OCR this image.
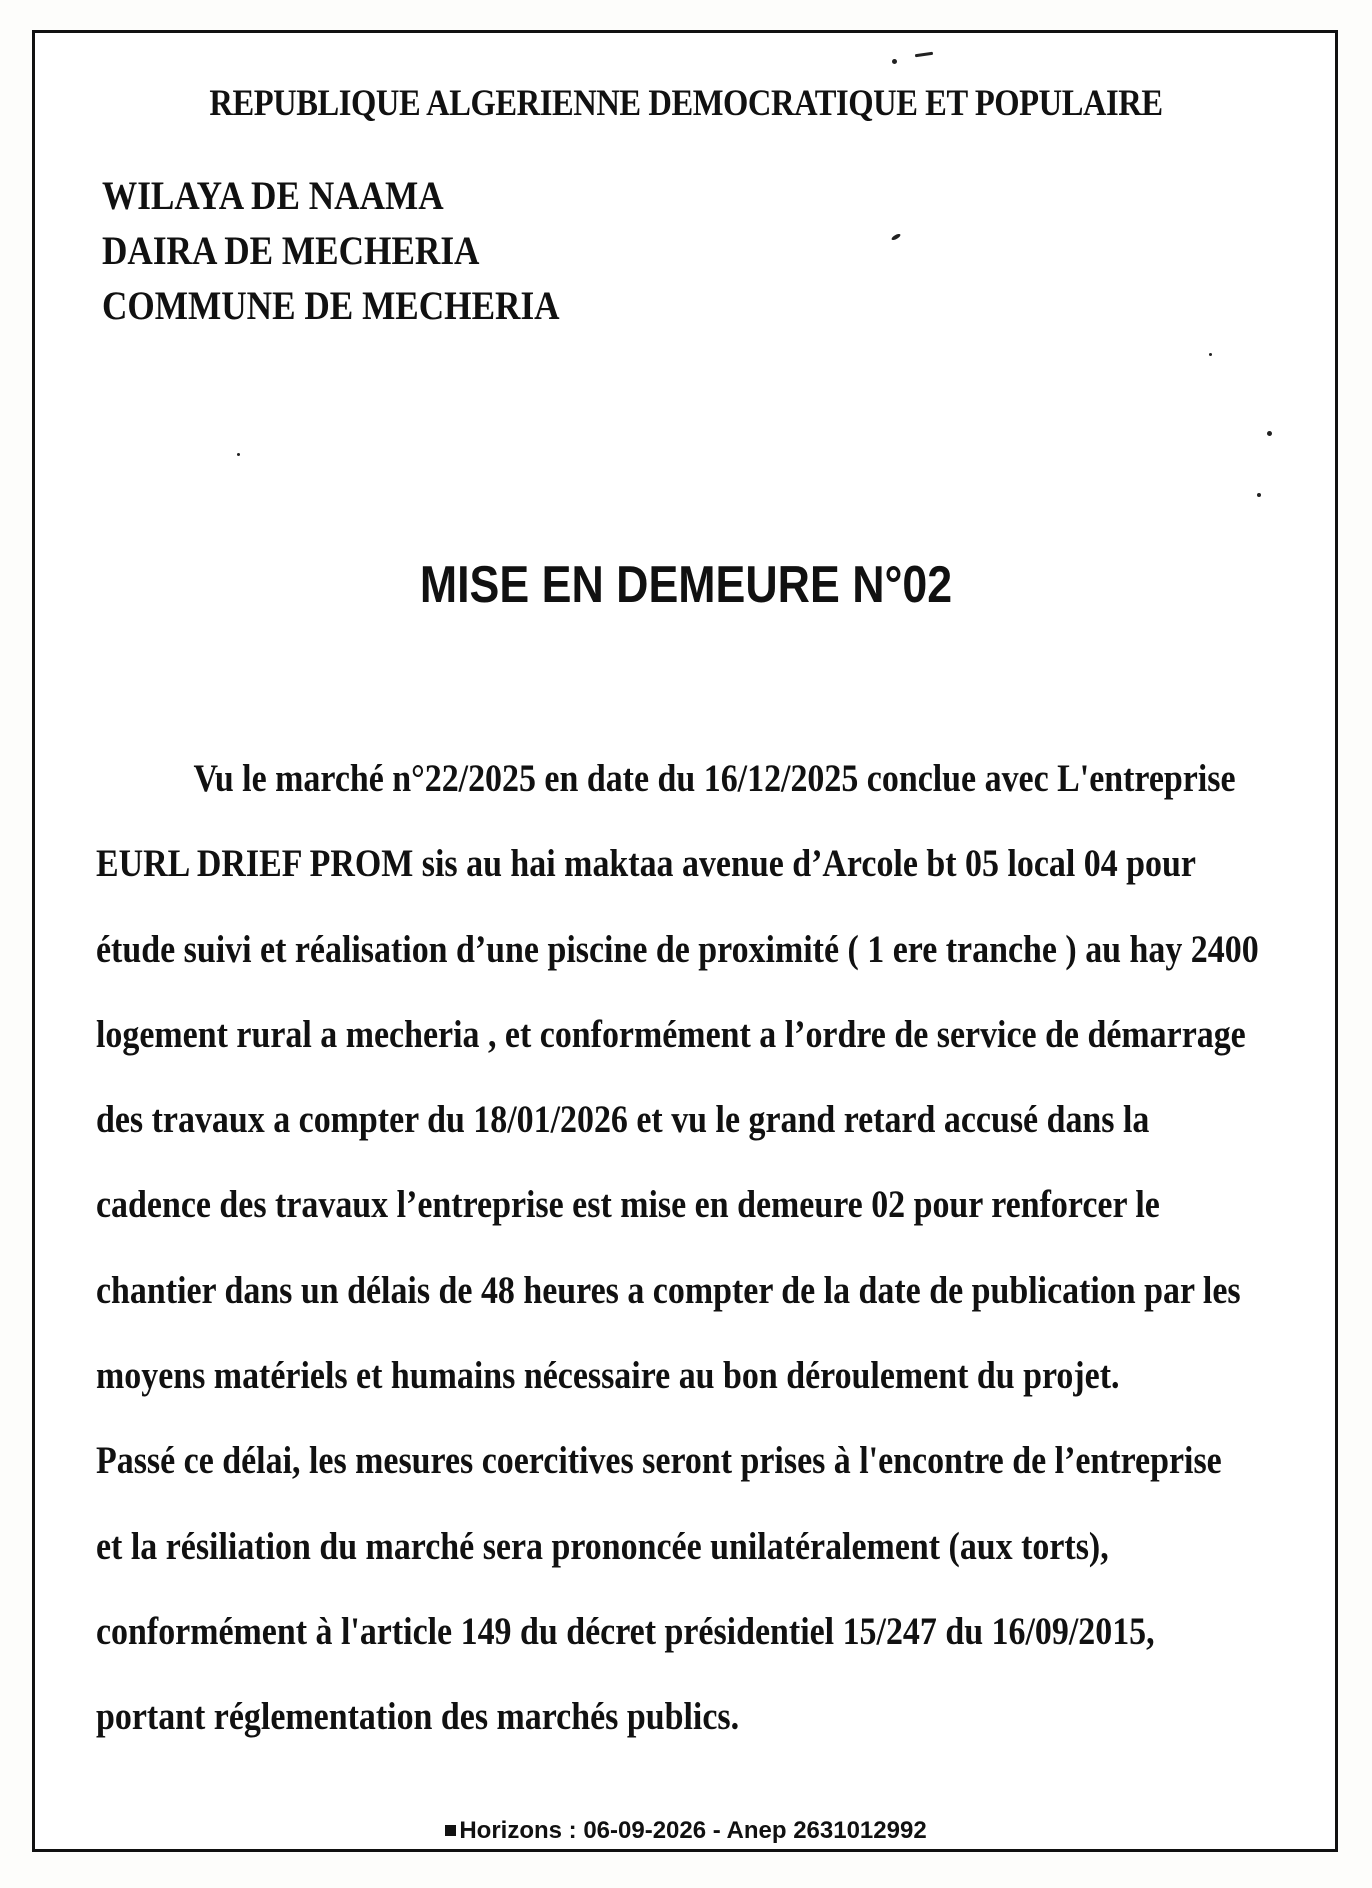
REPUBLIQUE ALGERIENNE DEMOCRATIQUE ET POPULAIRE
WILAYA DE NAAMA
DAIRA DE MECHERIA
COMMUNE DE MECHERIA
MISE EN DEMEURE N°02
Vu le marché n°22/2025 en date du 16/12/2025 conclue avec L'entreprise
EURL DRIEF PROM sis au hai maktaa avenue d’Arcole bt 05 local 04 pour
étude suivi et réalisation d’une piscine de proximité ( 1 ere tranche ) au hay 2400
logement rural a mecheria , et conformément a l’ordre de service de démarrage
des travaux a compter du 18/01/2026 et vu le grand retard accusé dans la
cadence des travaux l’entreprise est mise en demeure 02 pour renforcer le
chantier dans un délais de 48 heures a compter de la date de publication par les
moyens matériels et humains nécessaire au bon déroulement du projet.
Passé ce délai, les mesures coercitives seront prises à l'encontre de l’entreprise
et la résiliation du marché sera prononcée unilatéralement (aux torts),
conformément à l'article 149 du décret présidentiel 15/247 du 16/09/2015,
portant réglementation des marchés publics.
Horizons : 06-09-2026 - Anep 2631012992
